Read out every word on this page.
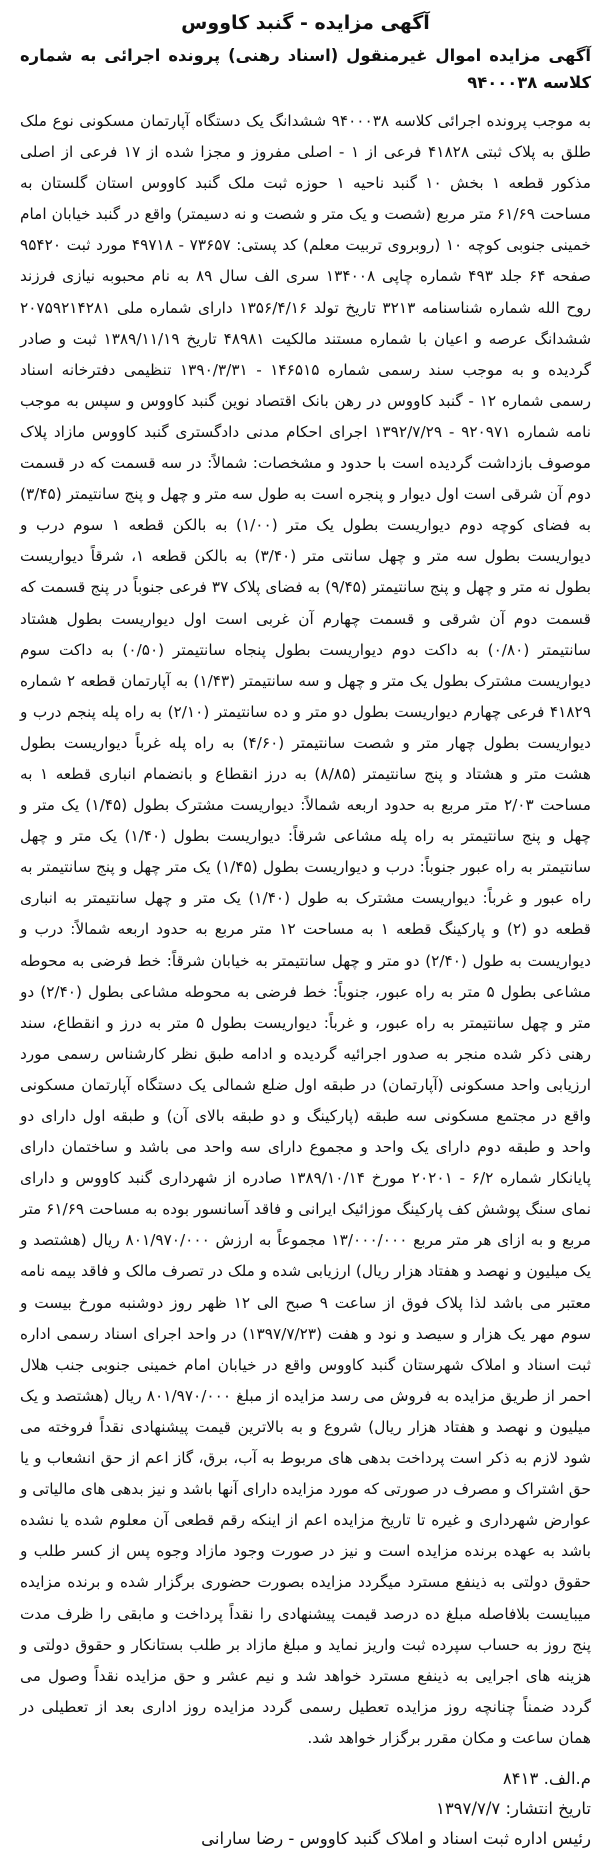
آگهی مزایده - گنبد کاووس
آگهی مزایده اموال غیرمنقول (اسناد رهنی) پرونده اجرائی به شماره کلاسه ۹۴۰۰۰۳۸

به موجب پرونده اجرائی کلاسه ۹۴۰۰۰۳۸ ششدانگ یک دستگاه آپارتمان مسکونی نوع ملک طلق به پلاک ثبتی ۴۱۸۲۸ فرعی از ۱ - اصلی مفروز و مجزا شده از ۱۷ فرعی از اصلی مذکور قطعه ۱ بخش ۱۰ گنبد ناحیه ۱ حوزه ثبت ملک گنبد کاووس استان گلستان به مساحت ۶۱/۶۹ متر مربع (شصت و یک متر و شصت و نه دسیمتر) واقع در گنبد خیابان امام خمینی جنوبی کوچه ۱۰ (روبروی تربیت معلم) کد پستی: ۷۳۶۵۷ - ۴۹۷۱۸ مورد ثبت ۹۵۴۲۰ صفحه ۶۴ جلد ۴۹۳ شماره چاپی ۱۳۴۰۰۸ سری الف سال ۸۹ به نام محبوبه نیازی فرزند روح الله شماره شناسنامه ۳۲۱۳ تاریخ تولد ۱۳۵۶/۴/۱۶ دارای شماره ملی ۲۰۷۵۹۲۱۴۲۸۱ ششدانگ عرصه و اعیان با شماره مستند مالکیت ۴۸۹۸۱ تاریخ ۱۳۸۹/۱۱/۱۹ ثبت و صادر گردیده و به موجب سند رسمی شماره ۱۴۶۵۱۵ - ۱۳۹۰/۳/۳۱ تنظیمی دفترخانه اسناد رسمی شماره ۱۲ - گنبد کاووس در رهن بانک اقتصاد نوین گنبد کاووس و سپس به موجب نامه شماره ۹۲۰۹۷۱ - ۱۳۹۲/۷/۲۹ اجرای احکام مدنی دادگستری گنبد کاووس مازاد پلاک موصوف بازداشت گردیده است با حدود و مشخصات: شمالاً: در سه قسمت که در قسمت دوم آن شرقی است اول دیوار و پنجره است به طول سه متر و چهل و پنج سانتیمتر (۳/۴۵) به فضای کوچه دوم دیواریست بطول یک متر (۱/۰۰) به بالکن قطعه ۱ سوم درب و دیواریست بطول سه متر و چهل سانتی متر (۳/۴۰) به بالکن قطعه ۱، شرقاً دیواریست بطول نه متر و چهل و پنج سانتیمتر (۹/۴۵) به فضای پلاک ۳۷ فرعی جنوباً در پنج قسمت که قسمت دوم آن شرقی و قسمت چهارم آن غربی است اول دیواریست بطول هشتاد سانتیمتر (۰/۸۰) به داکت دوم دیواریست بطول پنجاه سانتیمتر (۰/۵۰) به داکت سوم دیواریست مشترک بطول یک متر و چهل و سه سانتیمتر (۱/۴۳) به آپارتمان قطعه ۲ شماره ۴۱۸۲۹ فرعی چهارم دیواریست بطول دو متر و ده سانتیمتر (۲/۱۰) به راه پله پنجم درب و دیواریست بطول چهار متر و شصت سانتیمتر (۴/۶۰) به راه پله غرباً دیواریست بطول هشت متر و هشتاد و پنج سانتیمتر (۸/۸۵) به درز انقطاع و بانضمام انباری قطعه ۱ به مساحت ۲/۰۳ متر مربع به حدود اربعه شمالاً: دیواریست مشترک بطول (۱/۴۵) یک متر و چهل و پنج سانتیمتر به راه پله مشاعی شرقاً: دیواریست بطول (۱/۴۰) یک متر و چهل سانتیمتر به راه عبور جنوباً: درب و دیواریست بطول (۱/۴۵) یک متر چهل و پنج سانتیمتر به راه عبور و غرباً: دیواریست مشترک به طول (۱/۴۰) یک متر و چهل سانتیمتر به انباری قطعه دو (۲) و پارکینگ قطعه ۱ به مساحت ۱۲ متر مربع به حدود اربعه شمالاً: درب و دیواریست به طول (۲/۴۰) دو متر و چهل سانتیمتر به خیابان شرقاً: خط فرضی به محوطه مشاعی بطول ۵ متر به راه عبور، جنوباً: خط فرضی به محوطه مشاعی بطول (۲/۴۰) دو متر و چهل سانتیمتر به راه عبور، و غرباً: دیواریست بطول ۵ متر به درز و انقطاع، سند رهنی ذکر شده منجر به صدور اجرائیه گردیده و ادامه طبق نظر کارشناس رسمی مورد ارزیابی واحد مسکونی (آپارتمان) در طبقه اول ضلع شمالی یک دستگاه آپارتمان مسکونی واقع در مجتمع مسکونی سه طبقه (پارکینگ و دو طبقه بالای آن) و طبقه اول دارای دو واحد و طبقه دوم دارای یک واحد و مجموع دارای سه واحد می باشد و ساختمان دارای پایانکار شماره ۶/۲ - ۲۰۲۰۱ مورخ ۱۳۸۹/۱۰/۱۴ صادره از شهرداری گنبد کاووس و دارای نمای سنگ پوشش کف پارکینگ موزائیک ایرانی و فاقد آسانسور بوده به مساحت ۶۱/۶۹ متر مربع و به ازای هر متر مربع ۱۳/۰۰۰/۰۰۰ مجموعاً به ارزش ۸۰۱/۹۷۰/۰۰۰ ریال (هشتصد و یک میلیون و نهصد و هفتاد هزار ریال) ارزیابی شده و ملک در تصرف مالک و فاقد بیمه نامه معتبر می باشد لذا پلاک فوق از ساعت ۹ صبح الی ۱۲ ظهر روز دوشنبه مورخ بیست و سوم مهر یک هزار و سیصد و نود و هفت (۱۳۹۷/۷/۲۳) در واحد اجرای اسناد رسمی اداره ثبت اسناد و املاک شهرستان گنبد کاووس واقع در خیابان امام خمینی جنوبی جنب هلال احمر از طریق مزایده به فروش می رسد مزایده از مبلغ ۸۰۱/۹۷۰/۰۰۰ ریال (هشتصد و یک میلیون و نهصد و هفتاد هزار ریال) شروع و به بالاترین قیمت پیشنهادی نقداً فروخته می شود لازم به ذکر است پرداخت بدهی های مربوط به آب، برق، گاز اعم از حق انشعاب و یا حق اشتراک و مصرف در صورتی که مورد مزایده دارای آنها باشد و نیز بدهی های مالیاتی و عوارض شهرداری و غیره تا تاریخ مزایده اعم از اینکه رقم قطعی آن معلوم شده یا نشده باشد به عهده برنده مزایده است و نیز در صورت وجود مازاد وجوه پس از کسر طلب و حقوق دولتی به ذینفع مسترد میگردد مزایده بصورت حضوری برگزار شده و برنده مزایده میبایست بلافاصله مبلغ ده درصد قیمت پیشنهادی را نقداً پرداخت و مابقی را ظرف مدت پنج روز به حساب سپرده ثبت واریز نماید و مبلغ مازاد بر طلب بستانکار و حقوق دولتی و هزینه های اجرایی به ذینفع مسترد خواهد شد و نیم عشر و حق مزایده نقداً وصول می گردد ضمناً چنانچه روز مزایده تعطیل رسمی گردد مزایده روز اداری بعد از تعطیلی در همان ساعت و مکان مقرر برگزار خواهد شد.

م.الف. ۸۴۱۳
تاریخ انتشار: ۱۳۹۷/۷/۷
رئیس اداره ثبت اسناد و املاک گنبد کاووس - رضا سارانی
